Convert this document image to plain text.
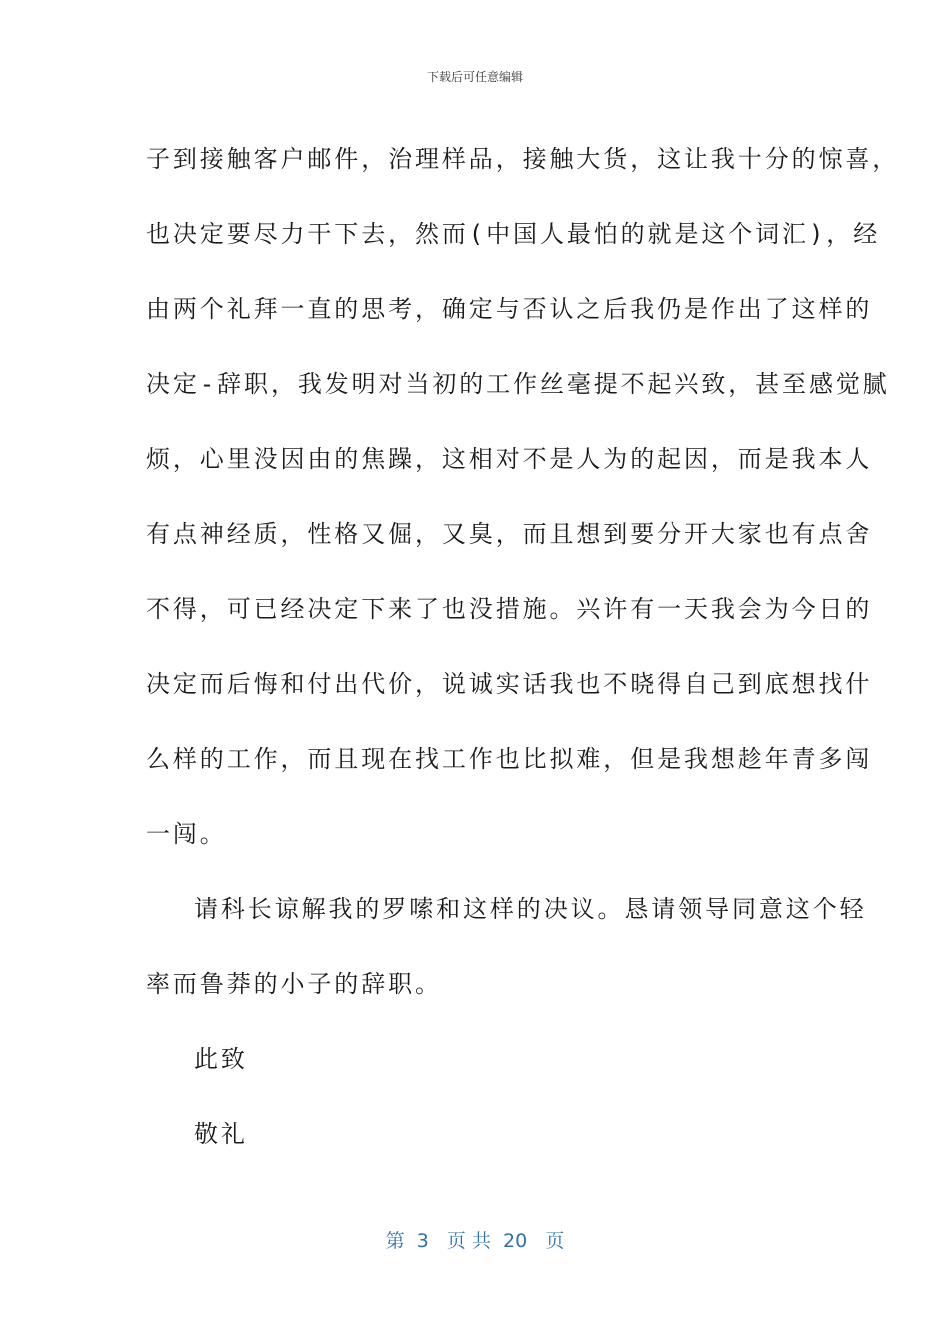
下载后可任意编辑

子到接触客户邮件，治理样品，接触大货，这让我十分的惊喜，

也决定要尽力干下去，然而(中国人最怕的就是这个词汇)，经

由两个礼拜一直的思考，确定与否认之后我仍是作出了这样的

决定-辞职，我发明对当初的工作丝毫提不起兴致，甚至感觉腻

烦，心里没因由的焦躁，这相对不是人为的起因，而是我本人

有点神经质，性格又倔，又臭，而且想到要分开大家也有点舍

不得，可已经决定下来了也没措施。兴许有一天我会为今日的

决定而后悔和付出代价，说诚实话我也不晓得自己到底想找什

么样的工作，而且现在找工作也比拟难，但是我想趁年青多闯

一闯。

请科长谅解我的罗嗦和这样的决议。恳请领导同意这个轻

率而鲁莽的小子的辞职。

此致

敬礼

第  3   页 共  20   页
